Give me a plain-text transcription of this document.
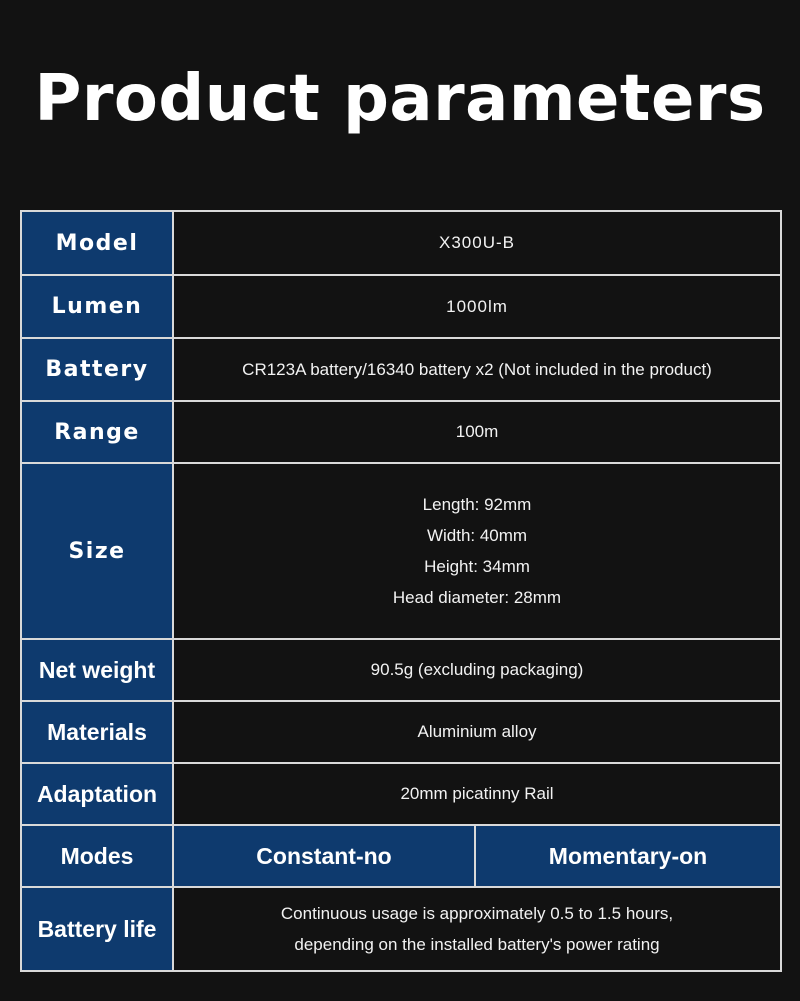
Product parameters
Model	X300U-B	
Lumen	1000lm	
Battery	CR123A battery/16340 battery x2 (Not included in the product)	
Range	100m	
Size	Length: 92mm
Width: 40mm
Height: 34mm
Head diameter: 28mm	

Net weight	90.5g (excluding packaging)	
Materials	Aluminium alloy	
Adaptation	20mm picatinny Rail	
Modes	Constant-no	Momentary-on
Battery life	Continuous usage is approximately 0.5 to 1.5 hours,
depending on the installed battery's power rating	
